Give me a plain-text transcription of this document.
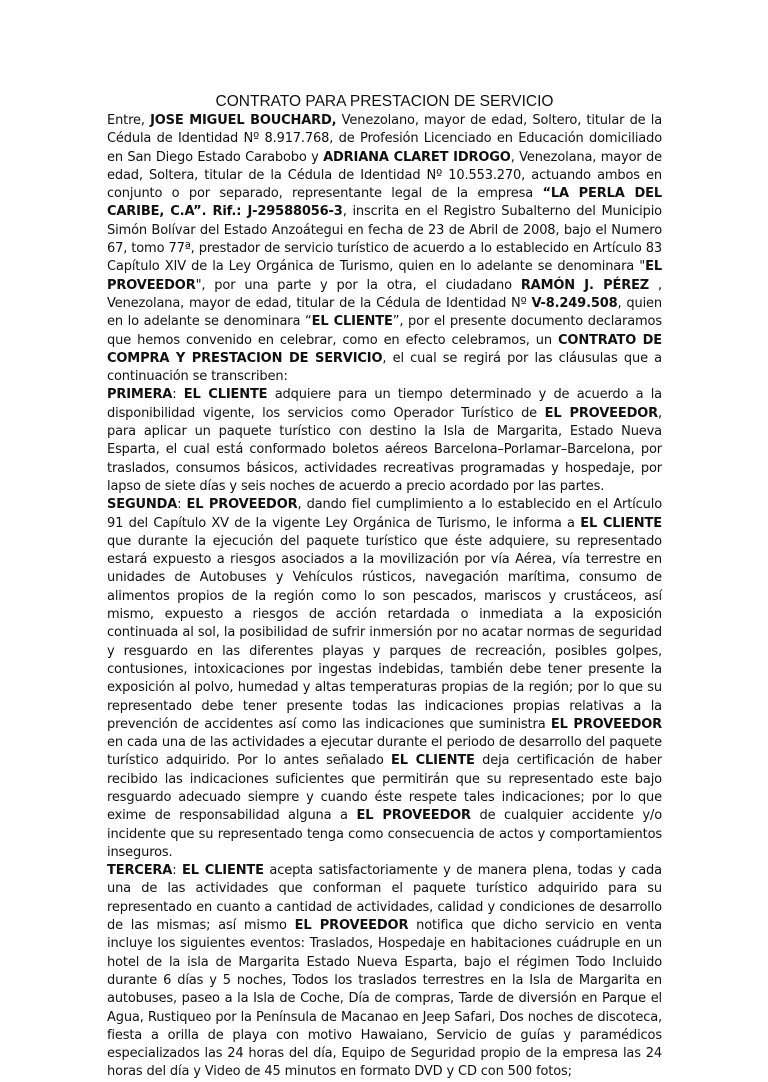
CONTRATO PARA PRESTACION DE SERVICIO

Entre, JOSE MIGUEL BOUCHARD, Venezolano, mayor de edad, Soltero, titular de la Cédula de Identidad Nº 8.917.768, de Profesión Licenciado en Educación domiciliado en San Diego Estado Carabobo y ADRIANA CLARET IDROGO, Venezolana, mayor de edad, Soltera, titular de la Cédula de Identidad Nº 10.553.270, actuando ambos en conjunto o por separado, representante legal de la empresa “LA PERLA DEL CARIBE, C.A”. Rif.: J-29588056-3, inscrita en el Registro Subalterno del Municipio Simón Bolívar del Estado Anzoátegui en fecha de 23 de Abril de 2008, bajo el Numero 67, tomo 77ª, prestador de servicio turístico de acuerdo a lo establecido en Artículo 83 Capítulo XIV de la Ley Orgánica de Turismo, quien en lo adelante se denominara "EL PROVEEDOR", por una parte y por la otra, el ciudadano RAMÓN J. PÉREZ , Venezolana, mayor de edad, titular de la Cédula de Identidad Nº V-8.249.508, quien en lo adelante se denominara “EL CLIENTE”, por el presente documento declaramos que hemos convenido en celebrar, como en efecto celebramos, un CONTRATO DE COMPRA Y PRESTACION DE SERVICIO, el cual se regirá por las cláusulas que a continuación se transcriben:

PRIMERA: EL CLIENTE adquiere para un tiempo determinado y de acuerdo a la disponibilidad vigente, los servicios como Operador Turístico de EL PROVEEDOR, para aplicar un paquete turístico con destino la Isla de Margarita, Estado Nueva Esparta, el cual está conformado boletos aéreos Barcelona–Porlamar–Barcelona, por traslados, consumos básicos, actividades recreativas programadas y hospedaje, por lapso de siete días y seis noches de acuerdo a precio acordado por las partes.

SEGUNDA: EL PROVEEDOR, dando fiel cumplimiento a lo establecido en el Artículo 91 del Capítulo XV de la vigente Ley Orgánica de Turismo, le informa a EL CLIENTE que durante la ejecución del paquete turístico que éste adquiere, su representado estará expuesto a riesgos asociados a la movilización por vía Aérea, vía terrestre en unidades de Autobuses y Vehículos rústicos, navegación marítima, consumo de alimentos propios de la región como lo son pescados, mariscos y crustáceos, así mismo, expuesto a riesgos de acción retardada o inmediata a la exposición continuada al sol, la posibilidad de sufrir inmersión por no acatar normas de seguridad y resguardo en las diferentes playas y parques de recreación, posibles golpes, contusiones, intoxicaciones por ingestas indebidas, también debe tener presente la exposición al polvo, humedad y altas temperaturas propias de la región; por lo que su representado debe tener presente todas las indicaciones propias relativas a la prevención de accidentes así como las indicaciones que suministra EL PROVEEDOR en cada una de las actividades a ejecutar durante el periodo de desarrollo del paquete turístico adquirido. Por lo antes señalado EL CLIENTE deja certificación de haber recibido las indicaciones suficientes que permitirán que su representado este bajo resguardo adecuado siempre y cuando éste respete tales indicaciones; por lo que exime de responsabilidad alguna a EL PROVEEDOR de cualquier accidente y/o incidente que su representado tenga como consecuencia de actos y comportamientos inseguros.

TERCERA: EL CLIENTE acepta satisfactoriamente y de manera plena, todas y cada una de las actividades que conforman el paquete turístico adquirido para su representado en cuanto a cantidad de actividades, calidad y condiciones de desarrollo de las mismas; así mismo EL PROVEEDOR notifica que dicho servicio en venta incluye los siguientes eventos: Traslados, Hospedaje en habitaciones cuádruple en un hotel de la isla de Margarita Estado Nueva Esparta, bajo el régimen Todo Incluido durante 6 días y 5 noches, Todos los traslados terrestres en la Isla de Margarita en autobuses, paseo a la Isla de Coche, Día de compras, Tarde de diversión en Parque el Agua, Rustiqueo por la Península de Macanao en Jeep Safari, Dos noches de discoteca, fiesta a orilla de playa con motivo Hawaiano, Servicio de guías y paramédicos especializados las 24 horas del día, Equipo de Seguridad propio de la empresa las 24 horas del día y Video de 45 minutos en formato DVD y CD con 500 fotos;
